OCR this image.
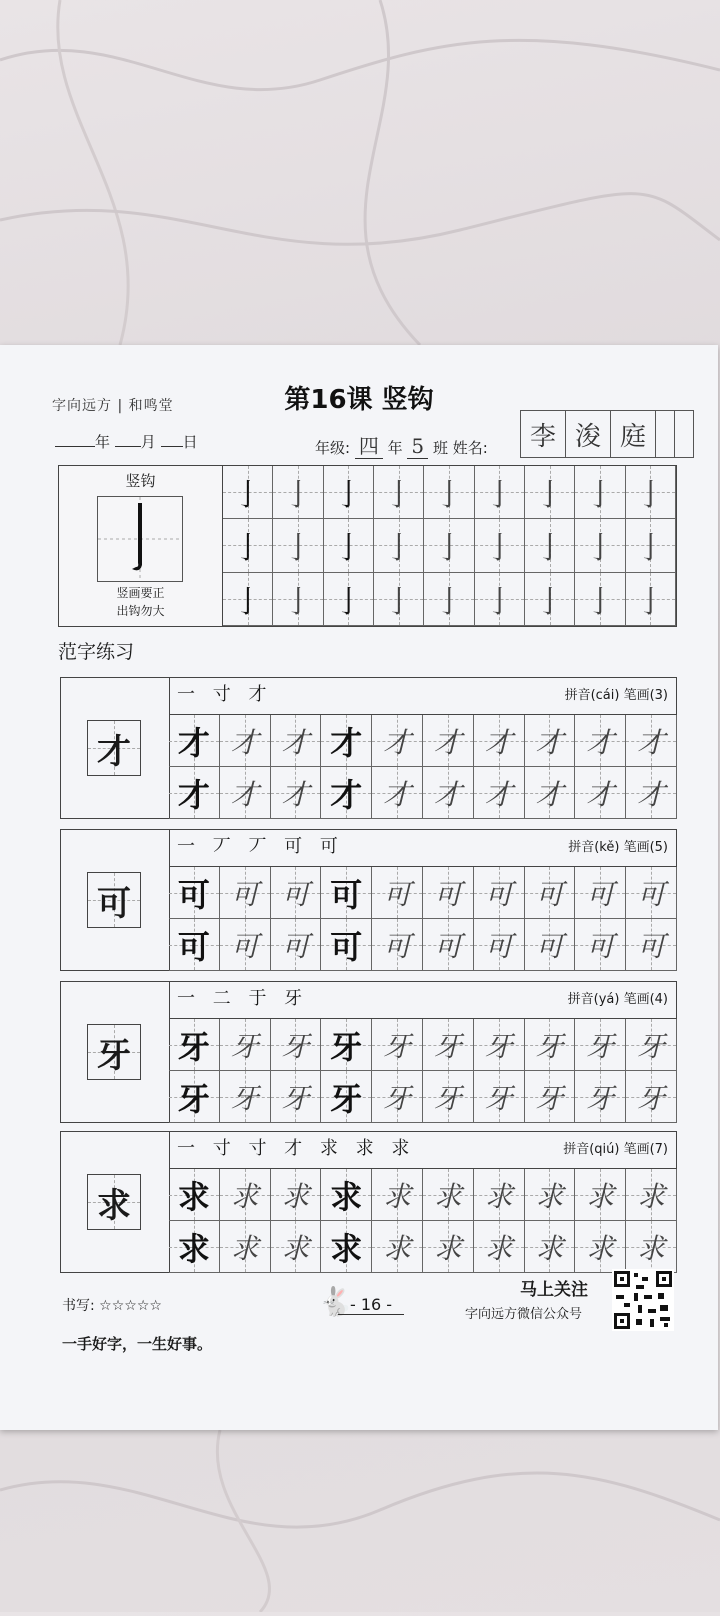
字向远方 | 和鸣堂	第16课 竖钩
年 月 日	年级: 四 年 5 班 姓名:	李 浚 庭
竖钩
竖画要正
出钩勿大
亅 亅 亅 亅 亅 亅 亅 亅 亅
亅 亅 亅 亅 亅 亅 亅 亅 亅
亅 亅 亅 亅 亅 亅 亅 亅 亅
范字练习
才
一 寸 才	拼音(cái) 笔画(3)
才 才 才 才 才 才 才 才 才 才
才 才 才 才 才 才 才 才 才 才
可
一 丆 丆 可 可	拼音(kě) 笔画(5)
可 可 可 可 可 可 可 可 可 可
可 可 可 可 可 可 可 可 可 可
牙
一 二 于 牙	拼音(yá) 笔画(4)
牙 牙 牙 牙 牙 牙 牙 牙 牙 牙
牙 牙 牙 牙 牙 牙 牙 牙 牙 牙
求
一 寸 寸 才 求 求 求	拼音(qiú) 笔画(7)
求 求 求 求 求 求 求 求 求 求
求 求 求 求 求 求 求 求 求 求
书写: ☆☆☆☆☆	🐇
- 16 -
马上关注
字向远方微信公众号
一手好字，一生好事。
